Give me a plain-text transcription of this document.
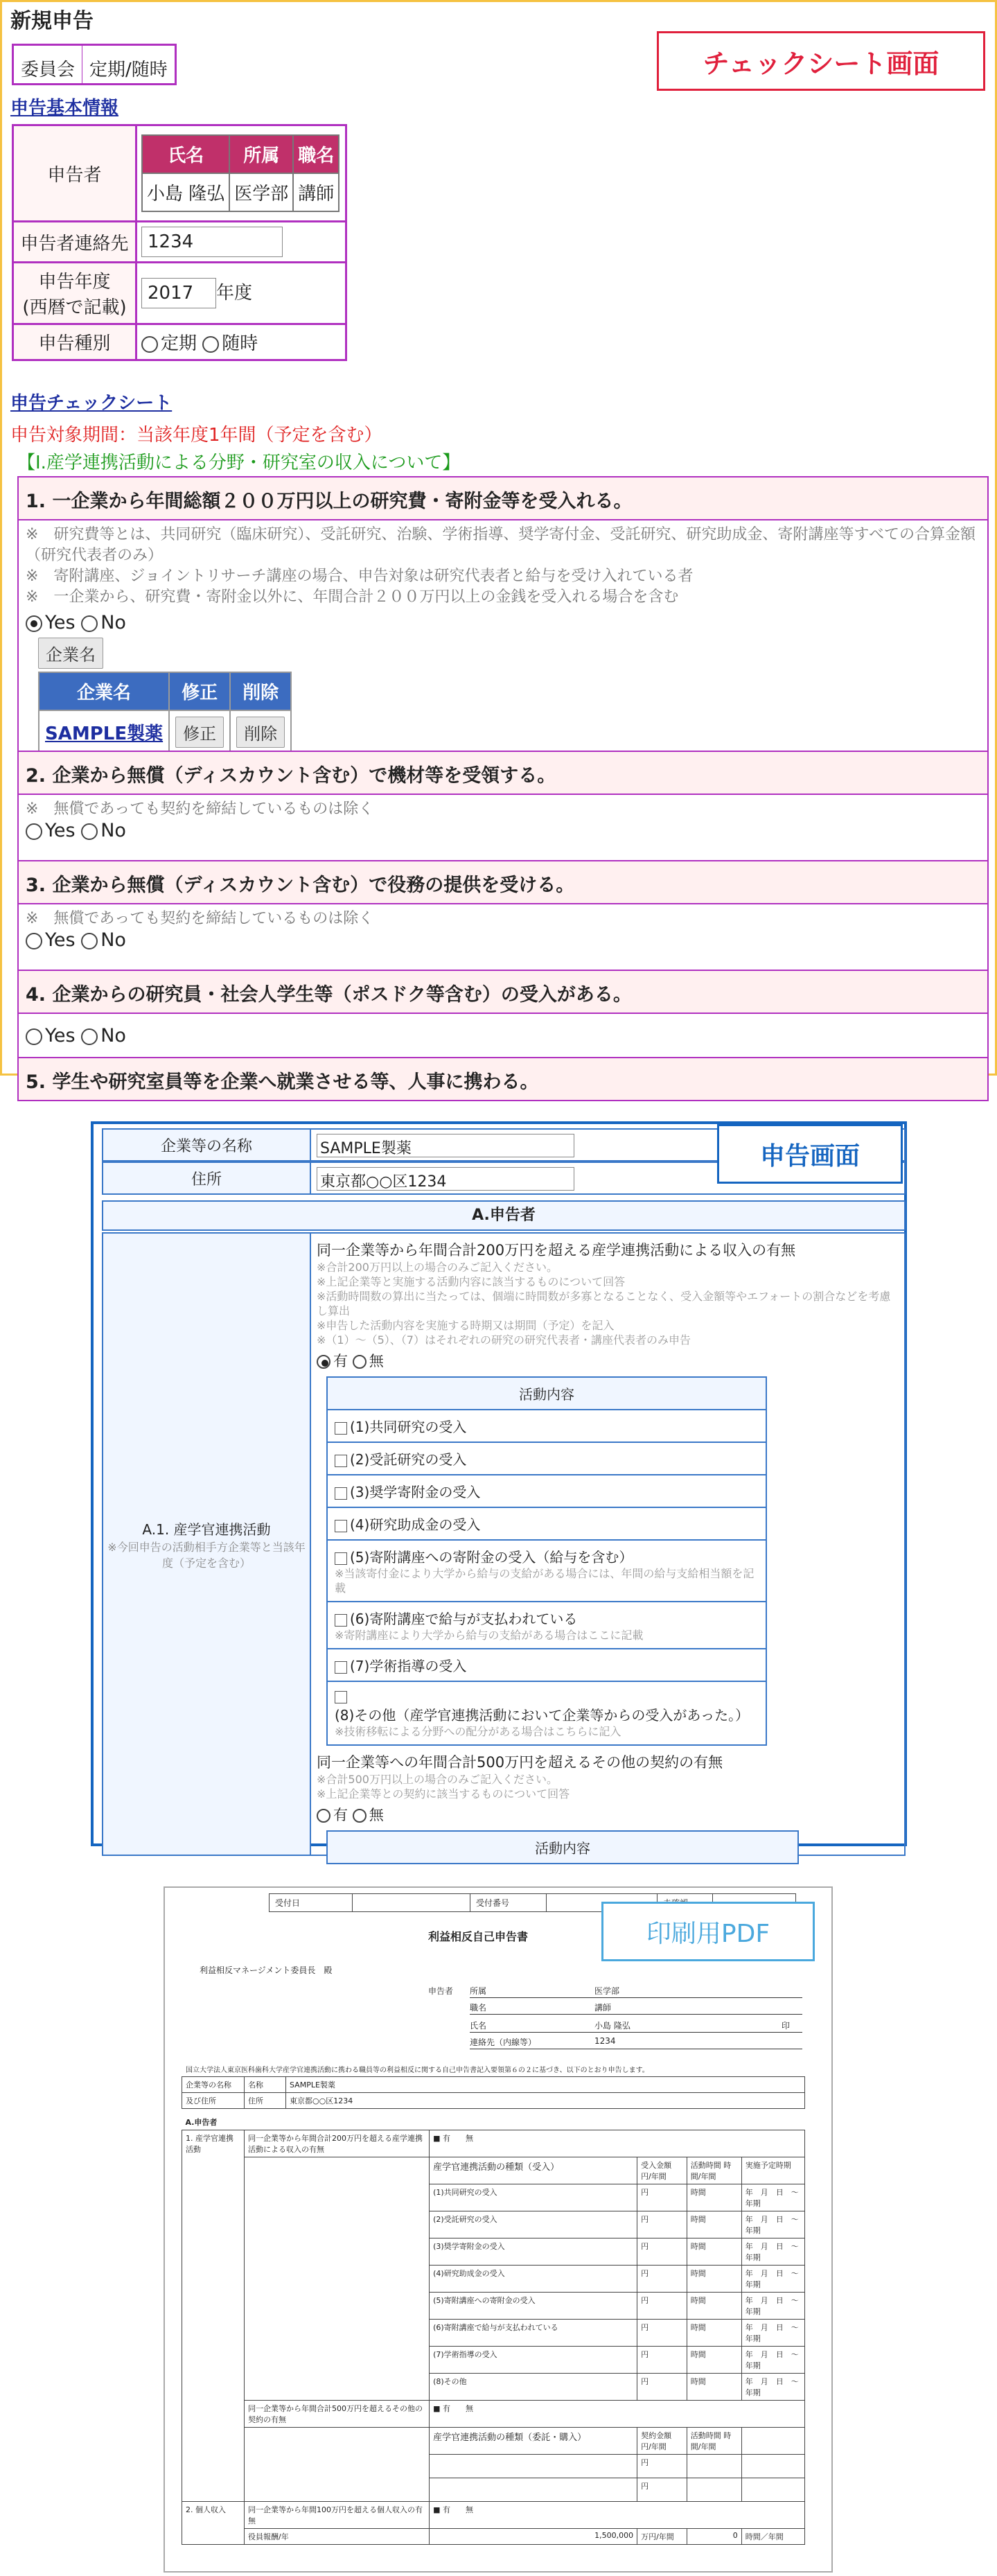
新規申告
委員会 定期/随時	チェックシート画面
申告基本情報
申告者	
氏名	所属	職名
小島 隆弘	医学部	講師

申告者連絡先	1234
申告年度
(西暦で記載)	2017 年度
申告種別	定期 随時
申告チェックシート
申告対象期間：当該年度1年間（予定を含む）
【Ⅰ.産学連携活動による分野・研究室の収入について】
1. 一企業から年間総額２００万円以上の研究費・寄附金等を受入れる。
※　研究費等とは、共同研究（臨床研究）、受託研究、治験、学術指導、奨学寄付金、受託研究、研究助成金、寄附講座等すべての合算金額（研究代表者のみ）
※　寄附講座、ジョイントリサーチ講座の場合、申告対象は研究代表者と給与を受け入れている者
※　一企業から、研究費・寄附金以外に、年間合計２００万円以上の金銭を受入れる場合を含む
Yes No
企業名
企業名	修正	削除
SAMPLE製薬	修正	削除
2. 企業から無償（ディスカウント含む）で機材等を受領する。
※　無償であっても契約を締結しているものは除く
Yes No
3. 企業から無償（ディスカウント含む）で役務の提供を受ける。
※　無償であっても契約を締結しているものは除く
Yes No
4. 企業からの研究員・社会人学生等（ポスドク等含む）の受入がある。
Yes No
5. 学生や研究室員等を企業へ就業させる等、人事に携わる。
企業等の名称	SAMPLE製薬
住所	東京都○○区1234
A.申告者
申告画面
A.1. 産学官連携活動
※今回申告の活動相手方企業等と当該年度（予定を含む）
同一企業等から年間合計200万円を超える産学連携活動による収入の有無
※合計200万円以上の場合のみご記入ください。
※上記企業等と実施する活動内容に該当するものについて回答
※活動時間数の算出に当たっては、個端に時間数が多寡となることなく、受入金額等やエフォートの割合などを考慮し算出
※申告した活動内容を実施する時期又は期間（予定）を記入
※（1）～（5）、（7）はそれぞれの研究の研究代表者・講座代表者のみ申告
有 無
活動内容
(1)共同研究の受入
(2)受託研究の受入
(3)奨学寄附金の受入
(4)研究助成金の受入
(5)寄附講座への寄附金の受入（給与を含む）
※当該寄付金により大学から給与の支給がある場合には、年間の給与支給相当額を記載

(6)寄附講座で給与が支払われている
※寄附講座により大学から給与の支給がある場合はここに記載

(7)学術指導の受入
(8)その他（産学官連携活動において企業等からの受入があった。）
※技術移転による分野への配分がある場合はこちらに記入
同一企業等への年間合計500万円を超えるその他の契約の有無
※合計500万円以上の場合のみご記入ください。
※上記企業等との契約に該当するものについて回答
有 無
活動内容
受付日		受付番号			
印刷用PDF
利益相反自己申告書
利益相反マネージメント委員長　殿
申告者 所属	医学部
職名	講師
氏名	小島 隆弘	印
連絡先（内線等）	1234
国立大学法人東京医科歯科大学産学官連携活動に携わる職員等の利益相反に関する自己申告書記入要領第６の２に基づき、以下のとおり申告します。
企業等の名称	名称	SAMPLE製薬				
及び住所	住所	東京都○○区1234				

A.申告者						
1. 産学官連携活動	同一企業等から年間合計200万円を超える産学連携活動による収入の有無		■ 有　　無			
			産学官連携活動の種類（受入）	受入金額 円/年間	活動時間 時間/年間	実施予定時期
			(1)共同研究の受入	円	時間	年　月　日　～　年期
			(2)受託研究の受入	円	時間	年　月　日　～　年期
			(3)奨学寄附金の受入	円	時間	年　月　日　～　年期
			(4)研究助成金の受入	円	時間	年　月　日　～　年期
			(5)寄附講座への寄附金の受入	円	時間	年　月　日　～　年期
			(6)寄附講座で給与が支払われている	円	時間	年　月　日　～　年期
			(7)学術指導の受入	円	時間	年　月　日　～　年期
			(8)その他	円	時間	年　月　日　～　年期
	同一企業等から年間合計500万円を超えるその他の契約の有無		■ 有　　無			
			産学官連携活動の種類（委託・購入）	契約金額 円/年間	活動時間 時間/年間	
				円		
				円		
2. 個人収入	同一企業等から年間100万円を超える個人収入の有無		■ 有　　無			
	役員報酬/年		1,500,000	万円/年間	0	時間／年間
